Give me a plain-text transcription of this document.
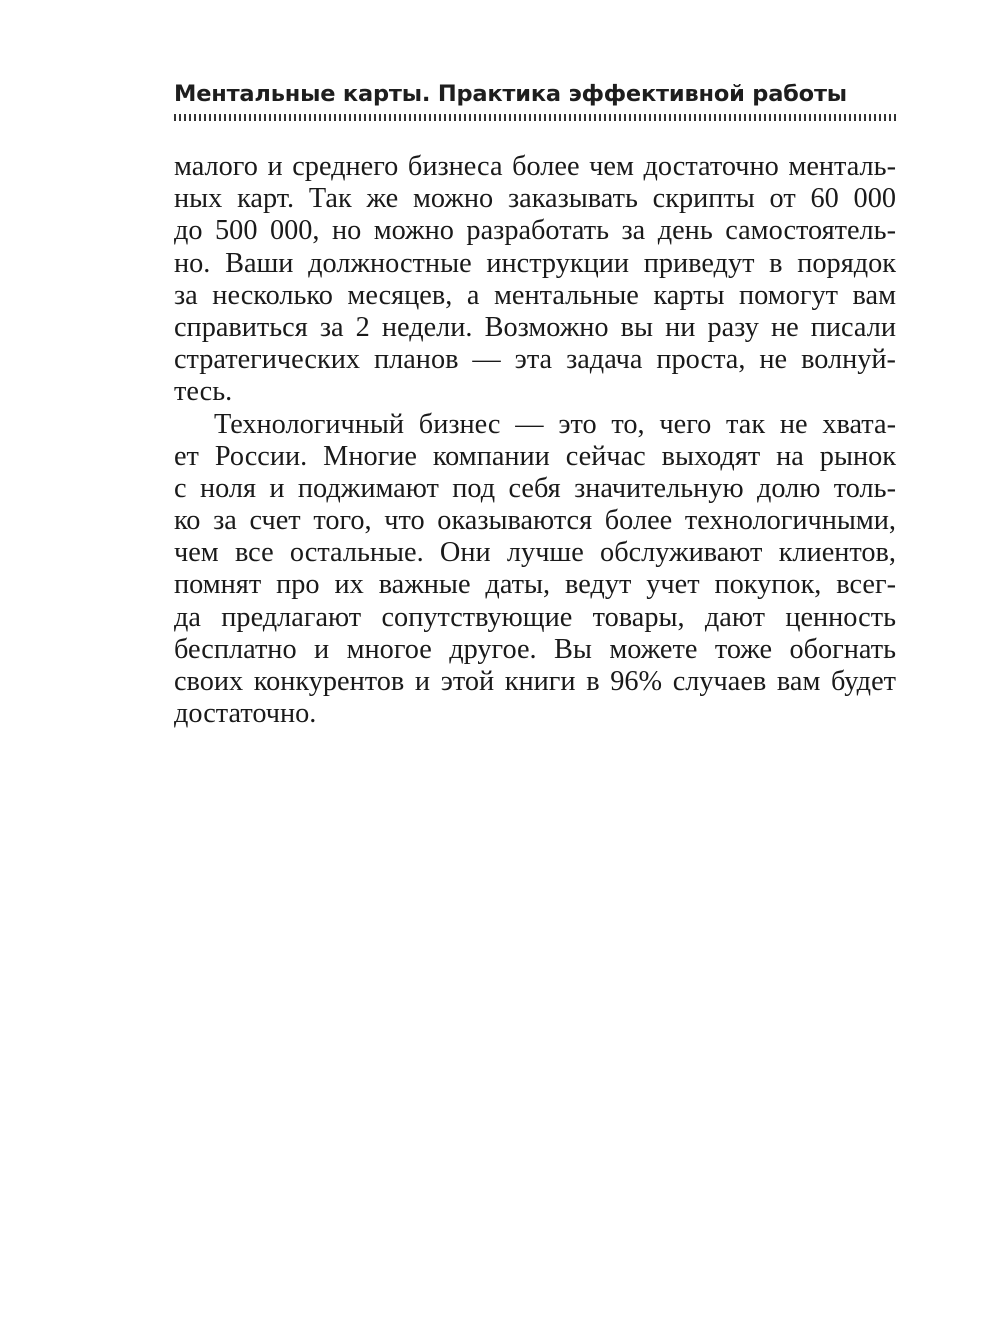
Ментальные карты. Практика эффективной работы
малого и среднего бизнеса более чем достаточно менталь-
ных карт. Так же можно заказывать скрипты от 60 000
до 500 000, но можно разработать за день самостоятель-
но. Ваши должностные инструкции приведут в порядок
за несколько месяцев, а ментальные карты помогут вам
справиться за 2 недели. Возможно вы ни разу не писали
стратегических планов — эта задача проста, не волнуй-
тесь.
Технологичный бизнес — это то, чего так не хвата-
ет России. Многие компании сейчас выходят на рынок
с ноля и поджимают под себя значительную долю толь-
ко за счет того, что оказываются более технологичными,
чем все остальные. Они лучше обслуживают клиентов,
помнят про их важные даты, ведут учет покупок, всег-
да предлагают сопутствующие товары, дают ценность
бесплатно и многое другое. Вы можете тоже обогнать
своих конкурентов и этой книги в 96% случаев вам будет
достаточно.
